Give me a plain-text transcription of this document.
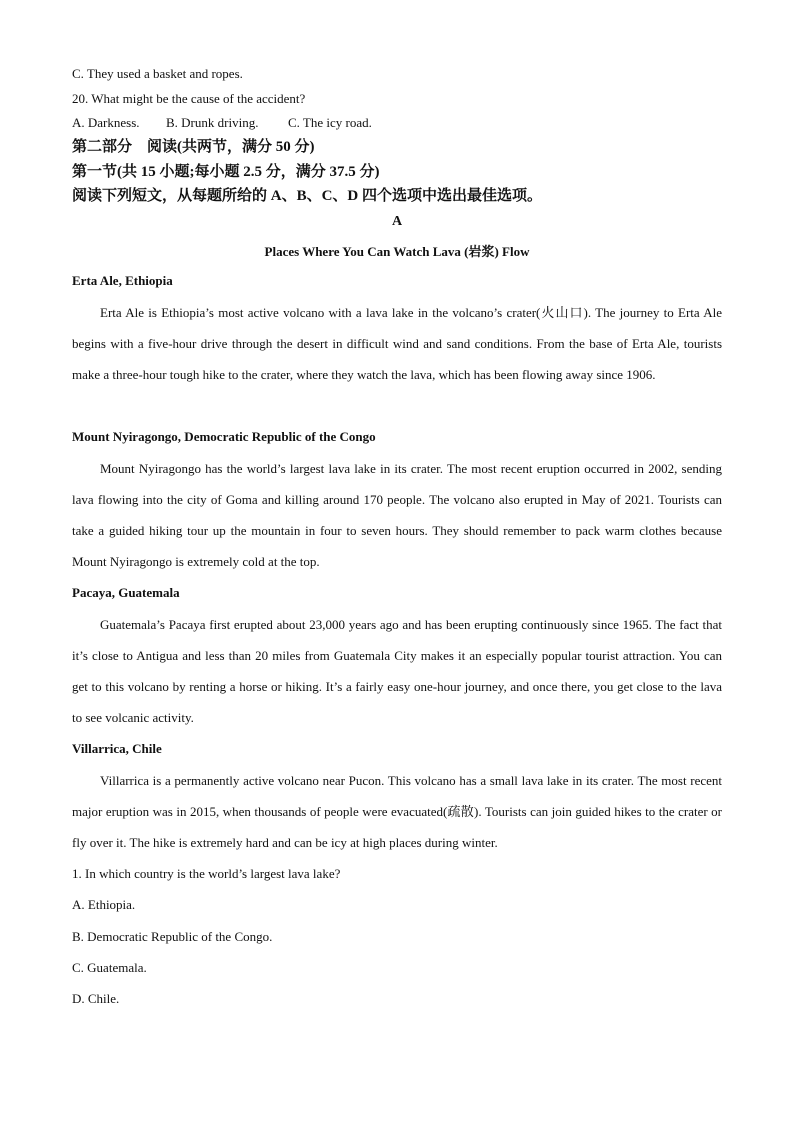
C. They used a basket and ropes.
20. What might be the cause of the accident?
A. Darkness. B. Drunk driving. C. The icy road.
第二部分　阅读(共两节，满分 50 分)
第一节(共 15 小题;每小题 2.5 分，满分 37.5 分)
阅读下列短文，从每题所给的 A、B、C、D 四个选项中选出最佳选项。
A
Places Where You Can Watch Lava (岩浆) Flow
Erta Ale, Ethiopia

Erta Ale is Ethiopia’s most active volcano with a lava lake in the volcano’s crater(火山口). The journey to Erta Ale begins with a five-hour drive through the desert in difficult wind and sand conditions. From the base of Erta Ale, tourists make a three-hour tough hike to the crater, where they watch the lava, which has been flowing away since 1906.

Mount Nyiragongo, Democratic Republic of the Congo

Mount Nyiragongo has the world’s largest lava lake in its crater. The most recent eruption occurred in 2002, sending lava flowing into the city of Goma and killing around 170 people. The volcano also erupted in May of 2021. Tourists can take a guided hiking tour up the mountain in four to seven hours. They should remember to pack warm clothes because Mount Nyiragongo is extremely cold at the top.

Pacaya, Guatemala

Guatemala’s Pacaya first erupted about 23,000 years ago and has been erupting continuously since 1965. The fact that it’s close to Antigua and less than 20 miles from Guatemala City makes it an especially popular tourist attraction. You can get to this volcano by renting a horse or hiking. It’s a fairly easy one-hour journey, and once there, you get close to the lava to see volcanic activity.

Villarrica, Chile

Villarrica is a permanently active volcano near Pucon. This volcano has a small lava lake in its crater. The most recent major eruption was in 2015, when thousands of people were evacuated(疏散). Tourists can join guided hikes to the crater or fly over it. The hike is extremely hard and can be icy at high places during winter.

1. In which country is the world’s largest lava lake?
A. Ethiopia.
B. Democratic Republic of the Congo.
C. Guatemala.
D. Chile.
